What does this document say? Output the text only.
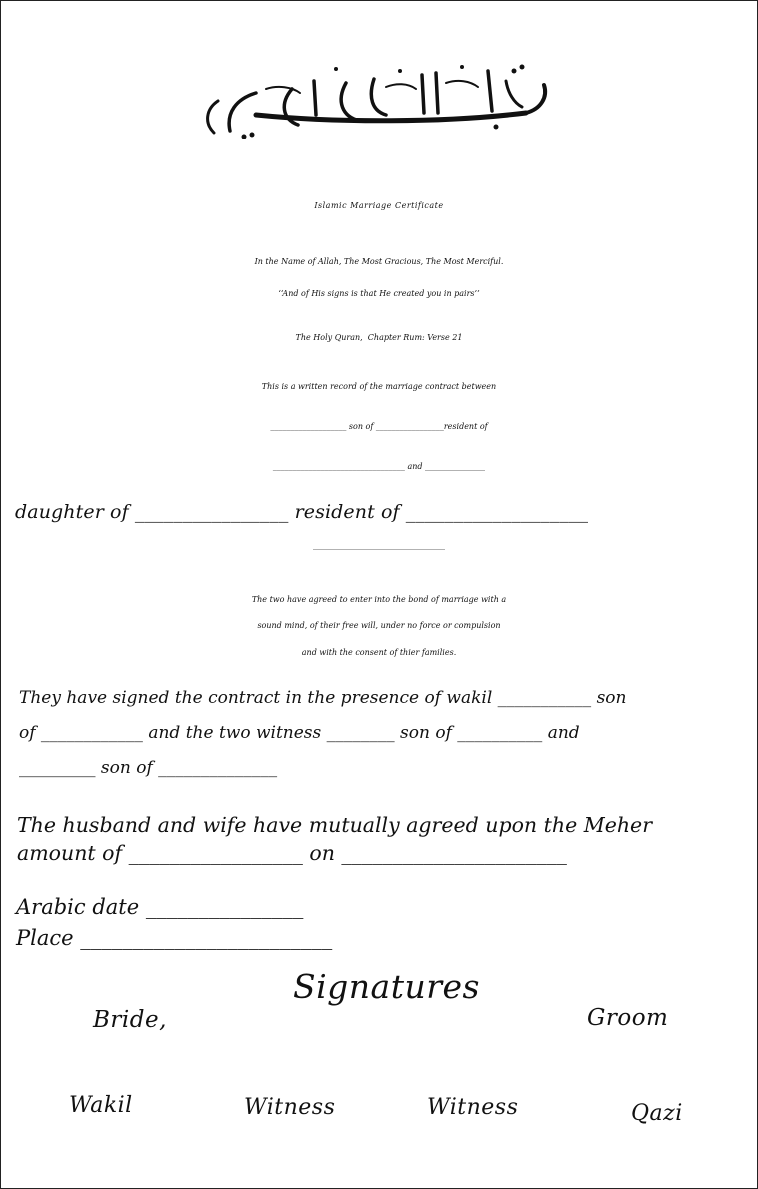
Islamic Marriage Certificate
In the Name of Allah, The Most Gracious, The Most Merciful.
‘‘And of His signs is that He created you in pairs’’
The Holy Quran,  Chapter Rum: Verse 21
This is a written record of the marriage contract between
___________________ son of _________________resident of
_________________________________ and _______________
daughter of ________________ resident of ___________________
_________________________________
The two have agreed to enter into the bond of marriage with a
sound mind, of their free will, under no force or compulsion
and with the consent of thier families.
They have signed the contract in the presence of wakil ___________ son
of ____________ and the two witness ________ son of __________ and
_________ son of ______________
The husband and wife have mutually agreed upon the Meher
amount of _________________ on ______________________
Arabic date _______________
Place ________________________
Signatures
Bride,	Groom
Wakil	Witness	Witness	Qazi
